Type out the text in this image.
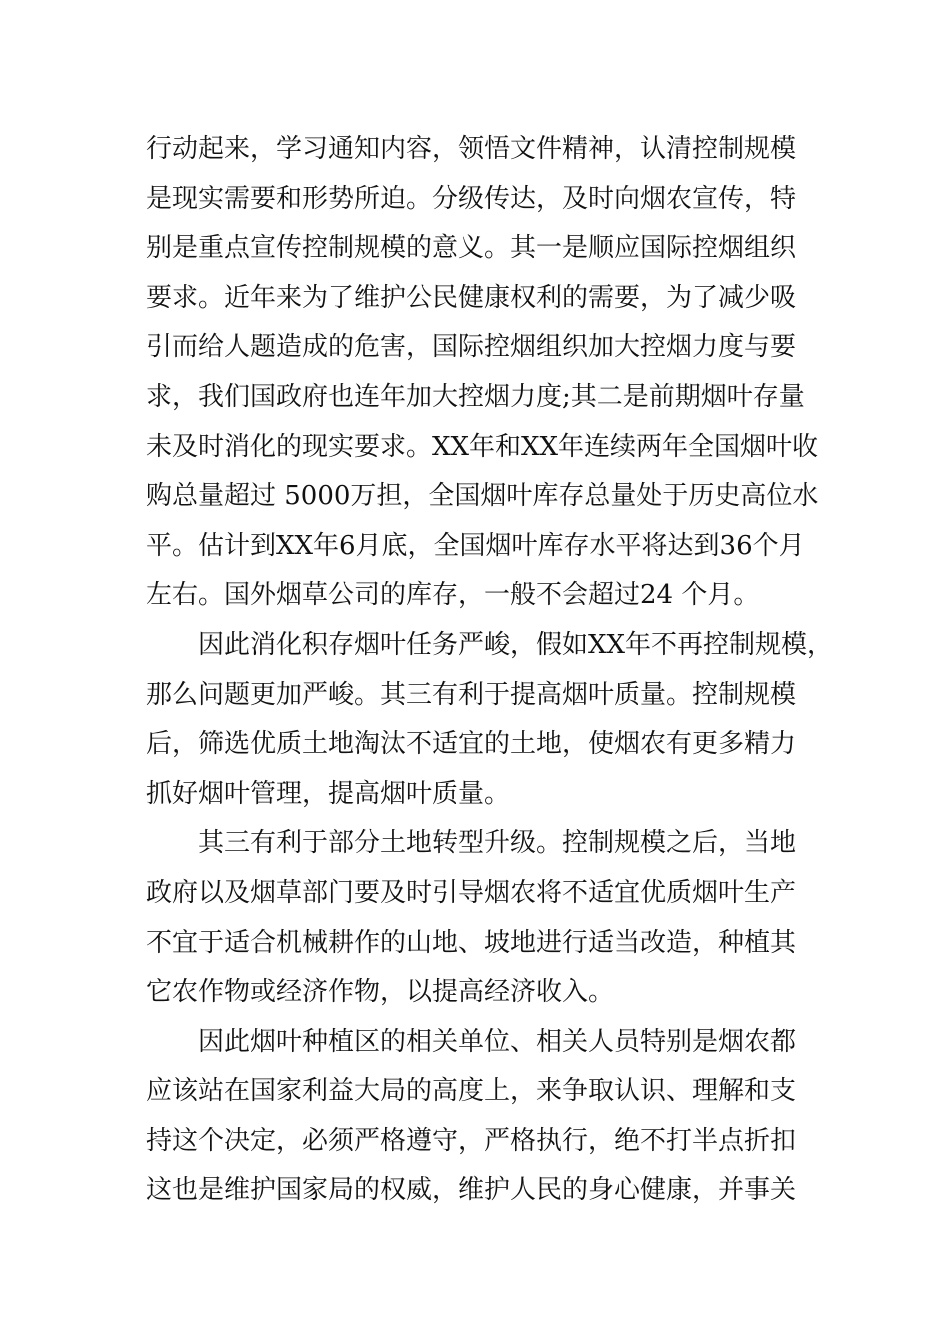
行动起来，学习通知内容，领悟文件精神，认清控制规模
是现实需要和形势所迫。分级传达，及时向烟农宣传，特
别是重点宣传控制规模的意义。其一是顺应国际控烟组织
要求。近年来为了维护公民健康权利的需要，为了减少吸
引而给人题造成的危害，国际控烟组织加大控烟力度与要
求，我们国政府也连年加大控烟力度;其二是前期烟叶存量
未及时消化的现实要求。XX年和XX年连续两年全国烟叶收
购总量超过 5000万担，全国烟叶库存总量处于历史高位水
平。估计到XX年6月底，全国烟叶库存水平将达到36个月
左右。国外烟草公司的库存，一般不会超过24 个月。
因此消化积存烟叶任务严峻，假如XX年不再控制规模，
那么问题更加严峻。其三有利于提高烟叶质量。控制规模
后，筛选优质土地淘汰不适宜的土地，使烟农有更多精力
抓好烟叶管理，提高烟叶质量。
其三有利于部分土地转型升级。控制规模之后，当地
政府以及烟草部门要及时引导烟农将不适宜优质烟叶生产
不宜于适合机械耕作的山地、坡地进行适当改造，种植其
它农作物或经济作物，以提高经济收入。
因此烟叶种植区的相关单位、相关人员特别是烟农都
应该站在国家利益大局的高度上，来争取认识、理解和支
持这个决定，必须严格遵守，严格执行，绝不打半点折扣
这也是维护国家局的权威，维护人民的身心健康，并事关
